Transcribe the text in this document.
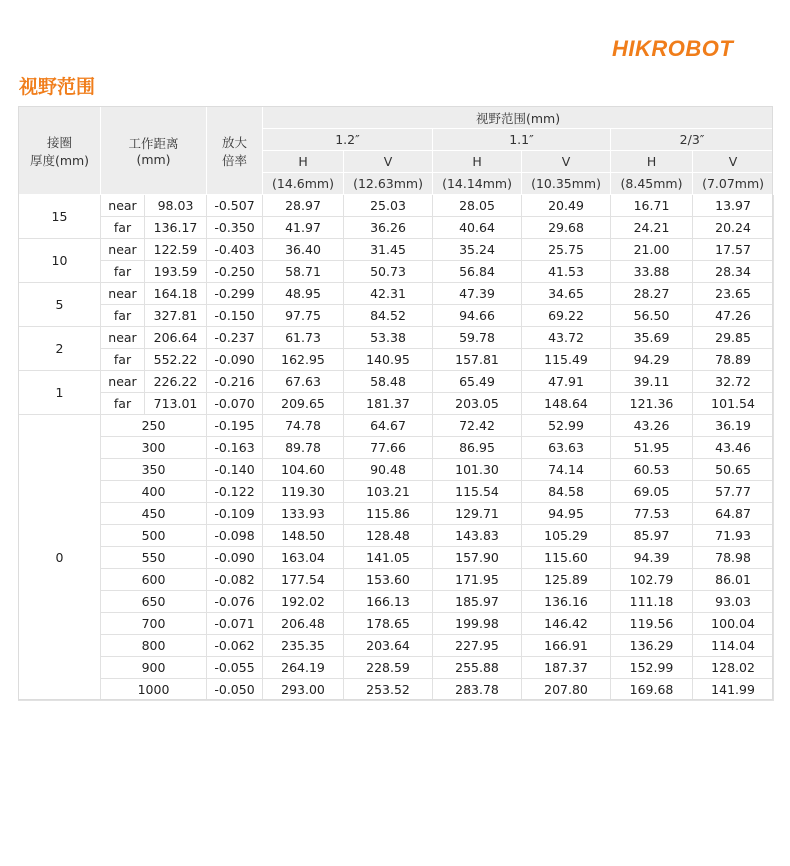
HIKROBOT
视野范围
接圈
厚度(mm)	工作距离
(mm)		放大
倍率	视野范围(mm)					
				1.2″		1.1″		2/3″	
				H	V	H	V	H	V
				(14.6mm)	(12.63mm)	(14.14mm)	(10.35mm)	(8.45mm)	(7.07mm)
15	near	98.03	-0.507	28.97	25.03	28.05	20.49	16.71	13.97
	far	136.17	-0.350	41.97	36.26	40.64	29.68	24.21	20.24
10	near	122.59	-0.403	36.40	31.45	35.24	25.75	21.00	17.57
	far	193.59	-0.250	58.71	50.73	56.84	41.53	33.88	28.34
5	near	164.18	-0.299	48.95	42.31	47.39	34.65	28.27	23.65
	far	327.81	-0.150	97.75	84.52	94.66	69.22	56.50	47.26
2	near	206.64	-0.237	61.73	53.38	59.78	43.72	35.69	29.85
	far	552.22	-0.090	162.95	140.95	157.81	115.49	94.29	78.89
1	near	226.22	-0.216	67.63	58.48	65.49	47.91	39.11	32.72
	far	713.01	-0.070	209.65	181.37	203.05	148.64	121.36	101.54
0	250		-0.195	74.78	64.67	72.42	52.99	43.26	36.19
	300		-0.163	89.78	77.66	86.95	63.63	51.95	43.46
	350		-0.140	104.60	90.48	101.30	74.14	60.53	50.65
	400		-0.122	119.30	103.21	115.54	84.58	69.05	57.77
	450		-0.109	133.93	115.86	129.71	94.95	77.53	64.87
	500		-0.098	148.50	128.48	143.83	105.29	85.97	71.93
	550		-0.090	163.04	141.05	157.90	115.60	94.39	78.98
	600		-0.082	177.54	153.60	171.95	125.89	102.79	86.01
	650		-0.076	192.02	166.13	185.97	136.16	111.18	93.03
	700		-0.071	206.48	178.65	199.98	146.42	119.56	100.04
	800		-0.062	235.35	203.64	227.95	166.91	136.29	114.04
	900		-0.055	264.19	228.59	255.88	187.37	152.99	128.02
	1000		-0.050	293.00	253.52	283.78	207.80	169.68	141.99
